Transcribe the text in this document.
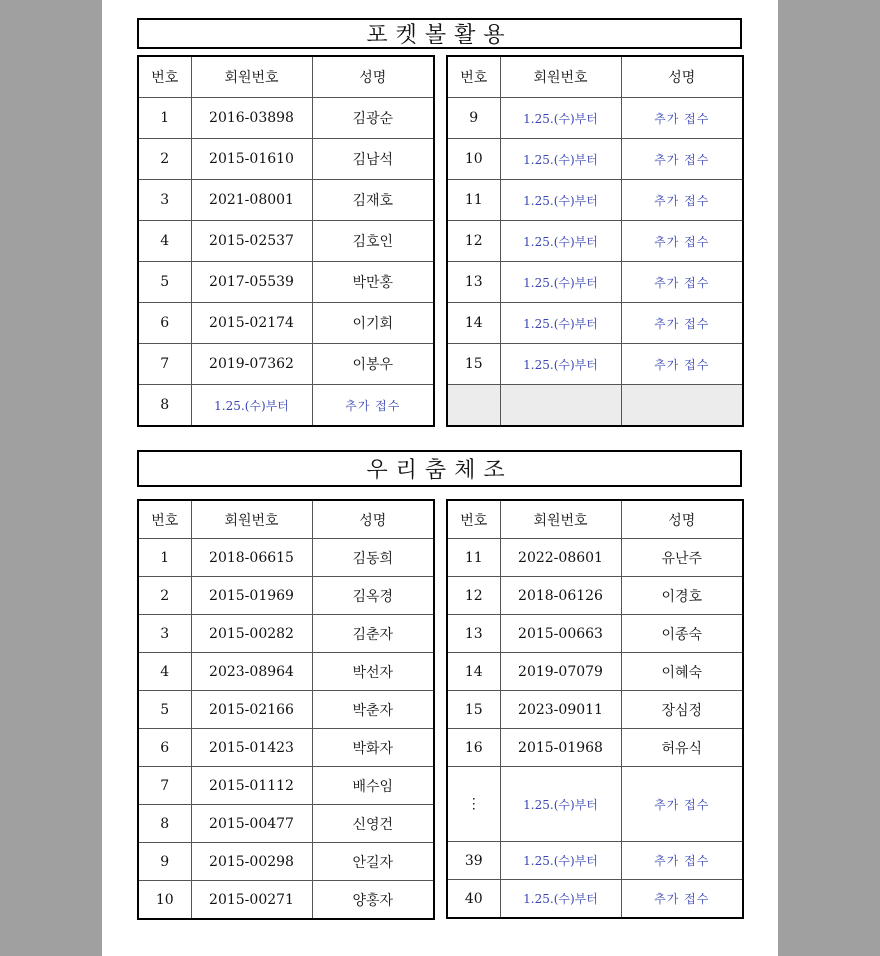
포켓볼활용
번호	회원번호	성명
1	2016-03898	김광순
2	2015-01610	김남석
3	2021-08001	김재호
4	2015-02537	김호인
5	2017-05539	박만홍
6	2015-02174	이기회
7	2019-07362	이봉우
8	1.25.(수)부터	추가 접수
번호	회원번호	성명
9	1.25.(수)부터	추가 접수
10	1.25.(수)부터	추가 접수
11	1.25.(수)부터	추가 접수
12	1.25.(수)부터	추가 접수
13	1.25.(수)부터	추가 접수
14	1.25.(수)부터	추가 접수
15	1.25.(수)부터	추가 접수

우리춤체조
번호	회원번호	성명
1	2018-06615	김동희
2	2015-01969	김옥경
3	2015-00282	김춘자
4	2023-08964	박선자
5	2015-02166	박춘자
6	2015-01423	박화자
7	2015-01112	배수임
8	2015-00477	신영건
9	2015-00298	안길자
10	2015-00271	양홍자
번호	회원번호	성명
11	2022-08601	유난주
12	2018-06126	이경호
13	2015-00663	이종숙
14	2019-07079	이혜숙
15	2023-09011	장심정
16	2015-01968	허유식
⋮	1.25.(수)부터	추가 접수
39	1.25.(수)부터	추가 접수
40	1.25.(수)부터	추가 접수
